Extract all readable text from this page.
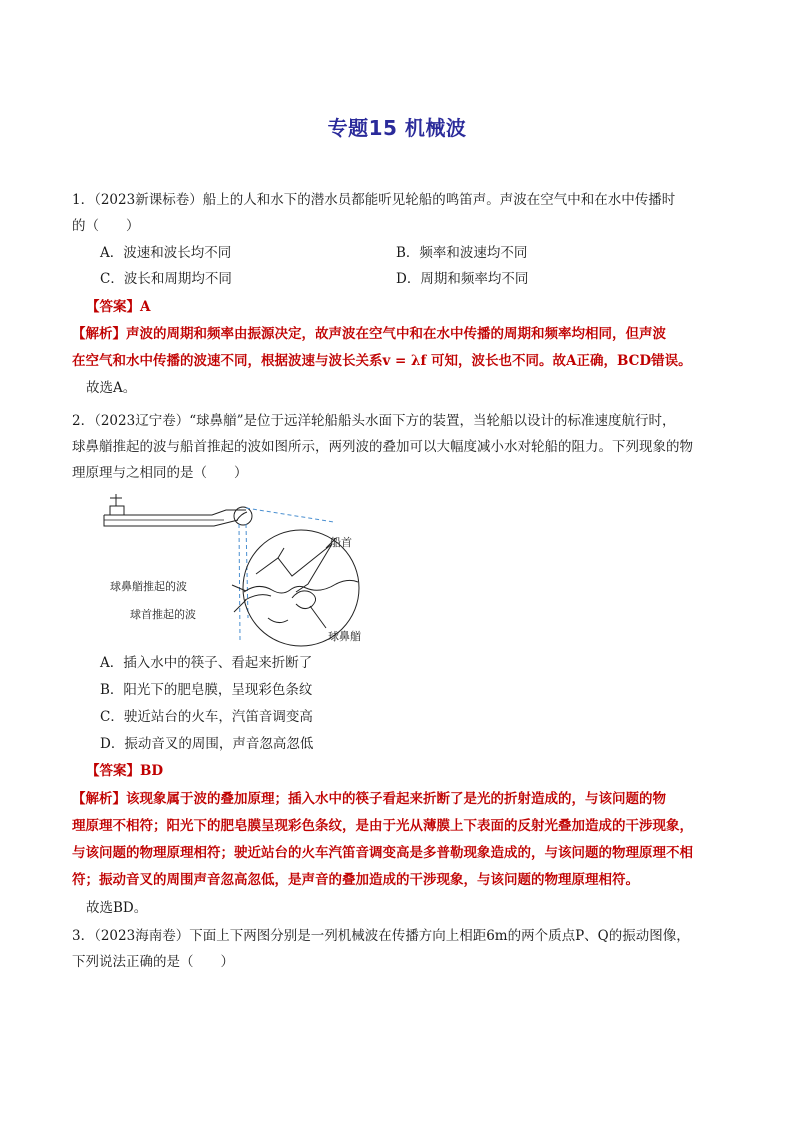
专题15 机械波
1．（2023新课标卷）船上的人和水下的潜水员都能听见轮船的鸣笛声。声波在空气中和在水中传播时
的（　　）
A．波速和波长均不同	B．频率和波速均不同
C．波长和周期均不同	D．周期和频率均不同
【答案】A
【解析】声波的周期和频率由振源决定，故声波在空气中和在水中传播的周期和频率均相同，但声波
在空气和水中传播的波速不同，根据波速与波长关系v = λf 可知，波长也不同。故A正确，BCD错误。
故选A。
2．（2023辽宁卷）“球鼻艏”是位于远洋轮船船头水面下方的装置，当轮船以设计的标准速度航行时，
球鼻艏推起的波与船首推起的波如图所示，两列波的叠加可以大幅度减小水对轮船的阻力。下列现象的物
理原理与之相同的是（　　）
船首
球鼻艏推起的波
球首推起的波
球鼻艏
A．插入水中的筷子、看起来折断了
B．阳光下的肥皂膜，呈现彩色条纹
C．驶近站台的火车，汽笛音调变高
D．振动音叉的周围，声音忽高忽低
【答案】BD
【解析】该现象属于波的叠加原理；插入水中的筷子看起来折断了是光的折射造成的，与该问题的物
理原理不相符；阳光下的肥皂膜呈现彩色条纹，是由于光从薄膜上下表面的反射光叠加造成的干涉现象，
与该问题的物理原理相符；驶近站台的火车汽笛音调变高是多普勒现象造成的，与该问题的物理原理不相
符；振动音叉的周围声音忽高忽低，是声音的叠加造成的干涉现象，与该问题的物理原理相符。
故选BD。
3．（2023海南卷）下面上下两图分别是一列机械波在传播方向上相距6m的两个质点P、Q的振动图像，
下列说法正确的是（　　）
